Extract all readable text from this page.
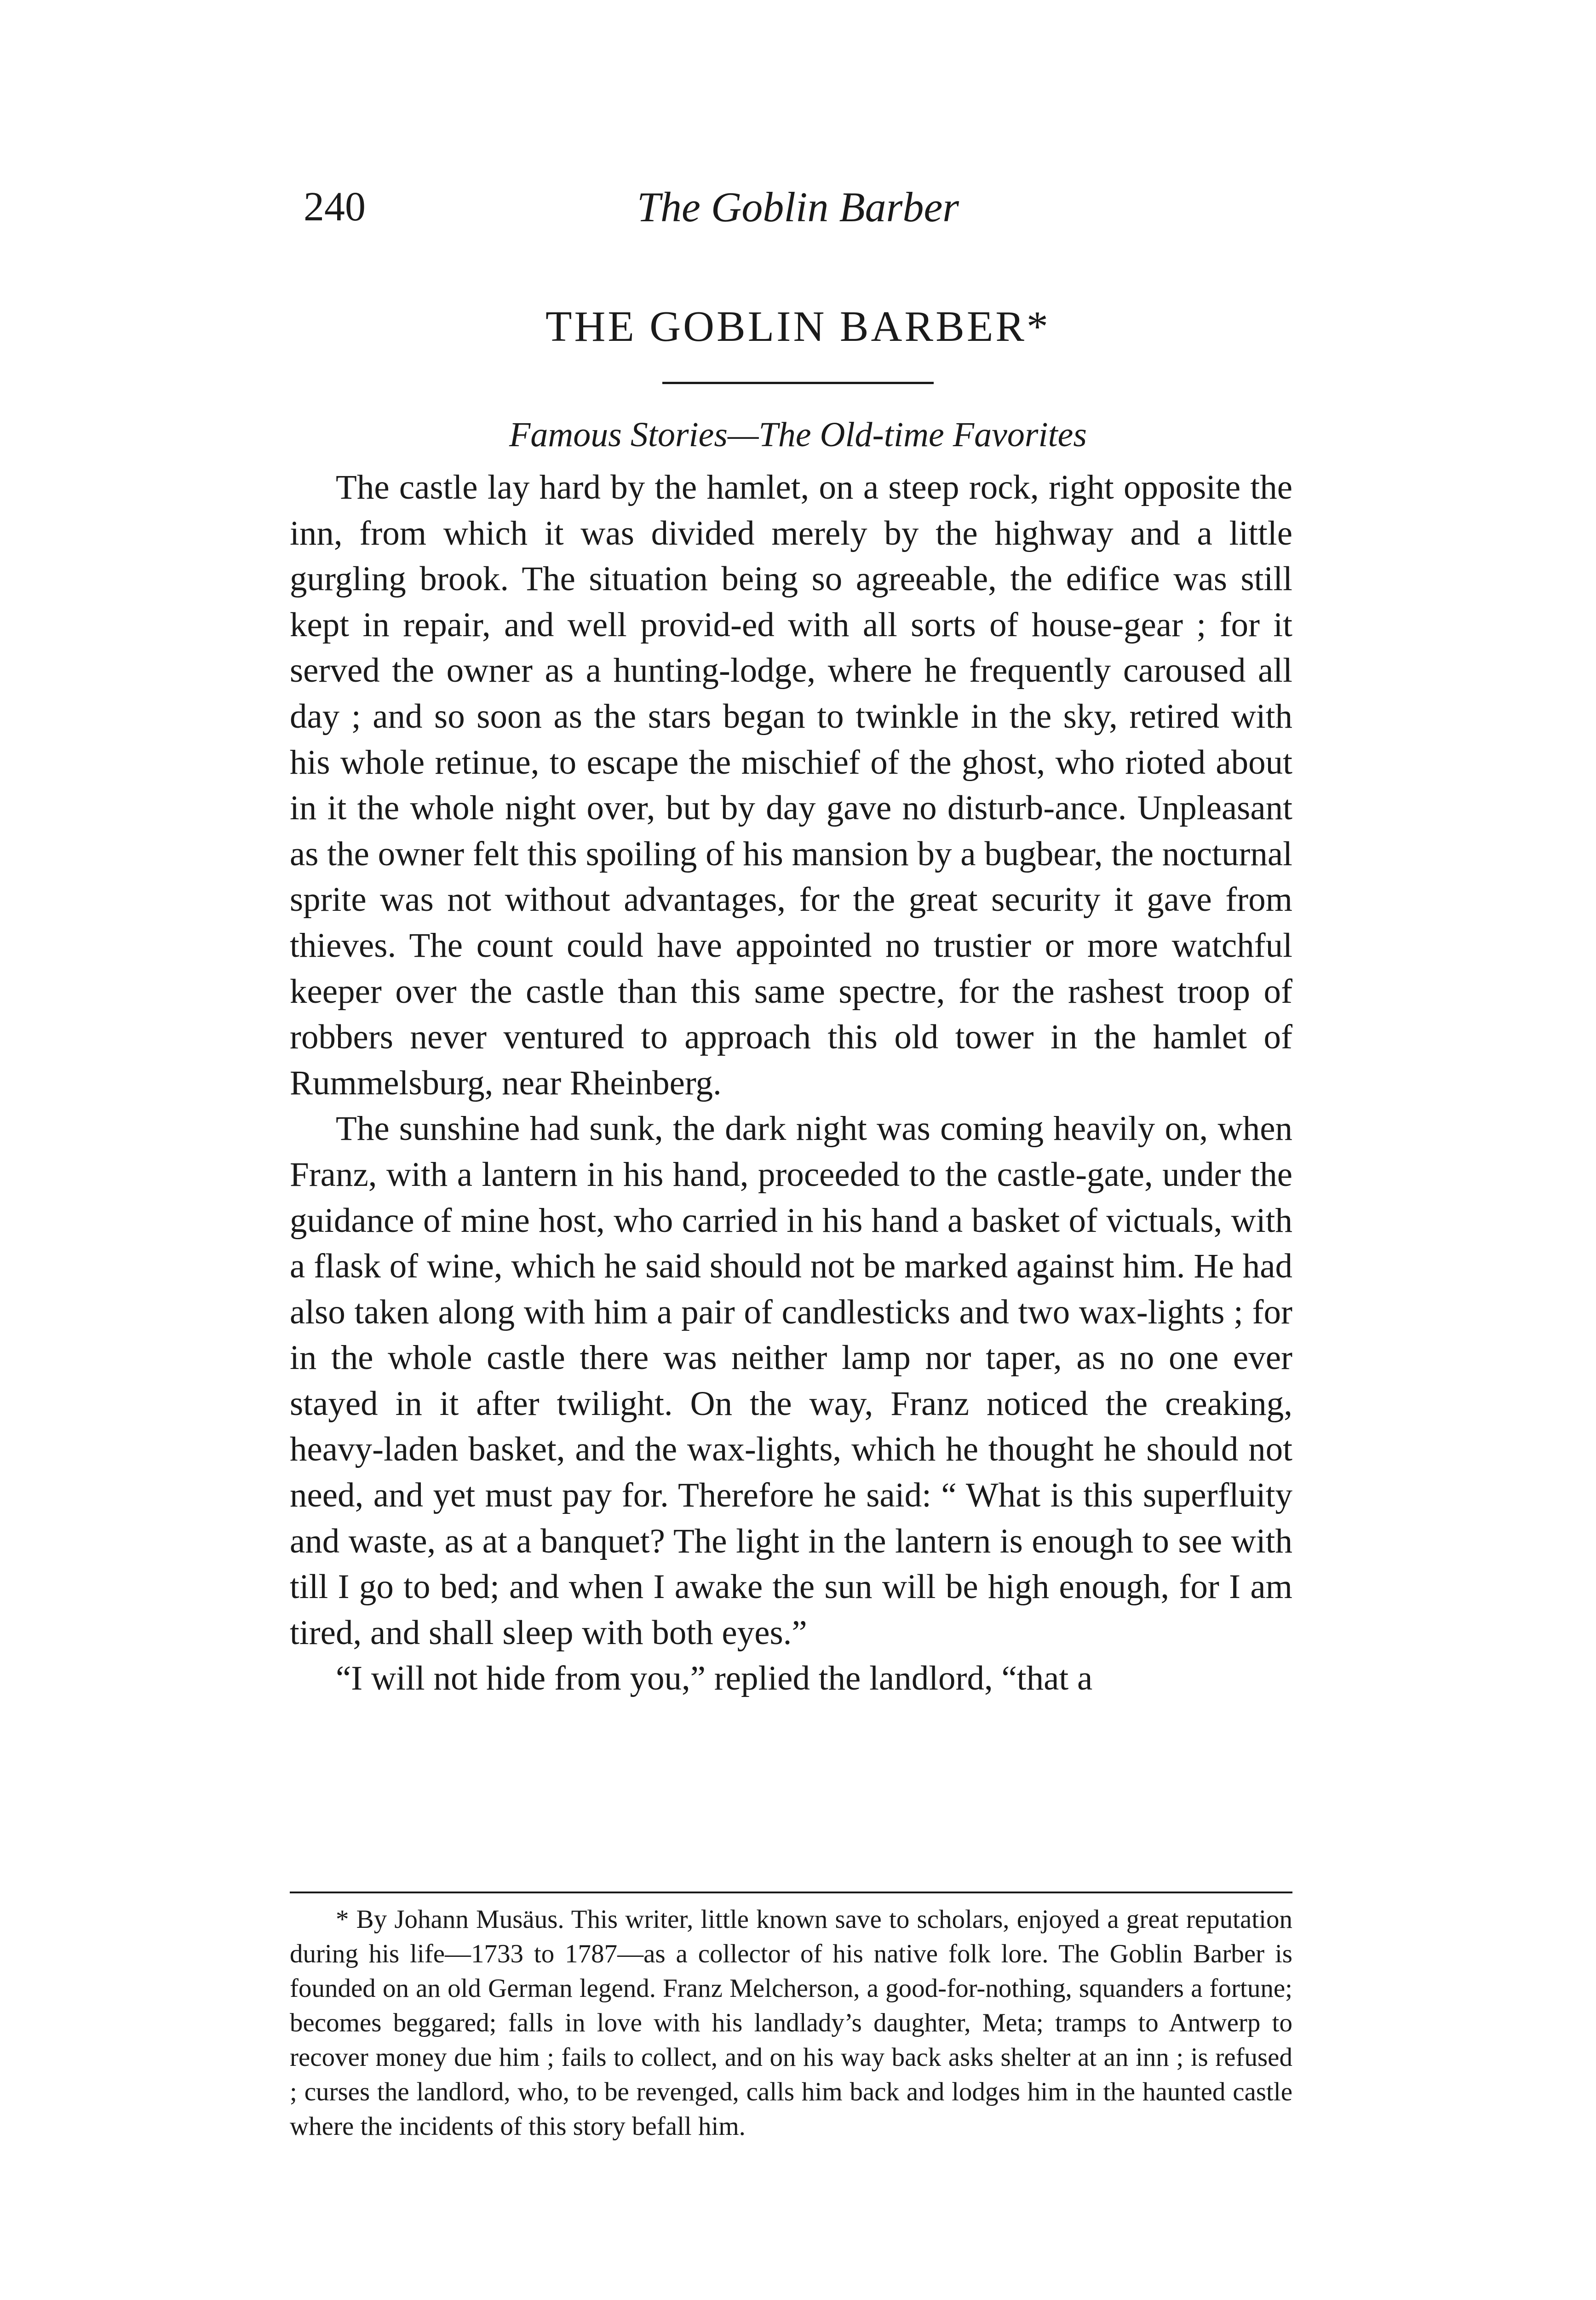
240	The Goblin Barber
THE GOBLIN BARBER*
Famous Stories—The Old-time Favorites

The castle lay hard by the hamlet, on a steep rock, right opposite the inn, from which it was divided merely by the highway and a little gurgling brook. The situation being so agreeable, the edifice was still kept in repair, and well provid-ed with all sorts of house-gear ; for it served the owner as a hunting-lodge, where he frequently caroused all day ; and so soon as the stars began to twinkle in the sky, retired with his whole retinue, to escape the mischief of the ghost, who rioted about in it the whole night over, but by day gave no disturb-ance. Unpleasant as the owner felt this spoiling of his mansion by a bugbear, the nocturnal sprite was not without advantages, for the great security it gave from thieves. The count could have appointed no trustier or more watchful keeper over the castle than this same spectre, for the rashest troop of robbers never ventured to approach this old tower in the hamlet of Rummelsburg, near Rheinberg.

The sunshine had sunk, the dark night was coming heavily on, when Franz, with a lantern in his hand, proceeded to the castle-gate, under the guidance of mine host, who carried in his hand a basket of victuals, with a flask of wine, which he said should not be marked against him. He had also taken along with him a pair of candlesticks and two wax-lights ; for in the whole castle there was neither lamp nor taper, as no one ever stayed in it after twilight. On the way, Franz noticed the creaking, heavy-laden basket, and the wax-lights, which he thought he should not need, and yet must pay for. Therefore he said: “ What is this superfluity and waste, as at a banquet? The light in the lantern is enough to see with till I go to bed; and when I awake the sun will be high enough, for I am tired, and shall sleep with both eyes.”

“I will not hide from you,” replied the landlord, “that a

* By Johann Musäus. This writer, little known save to scholars, enjoyed a great reputation during his life—1733 to 1787—as a collector of his native folk lore. The Goblin Barber is founded on an old German legend. Franz Melcherson, a good-for-nothing, squanders a fortune; becomes beggared; falls in love with his landlady’s daughter, Meta; tramps to Antwerp to recover money due him ; fails to collect, and on his way back asks shelter at an inn ; is refused ; curses the landlord, who, to be revenged, calls him back and lodges him in the haunted castle where the incidents of this story befall him.
